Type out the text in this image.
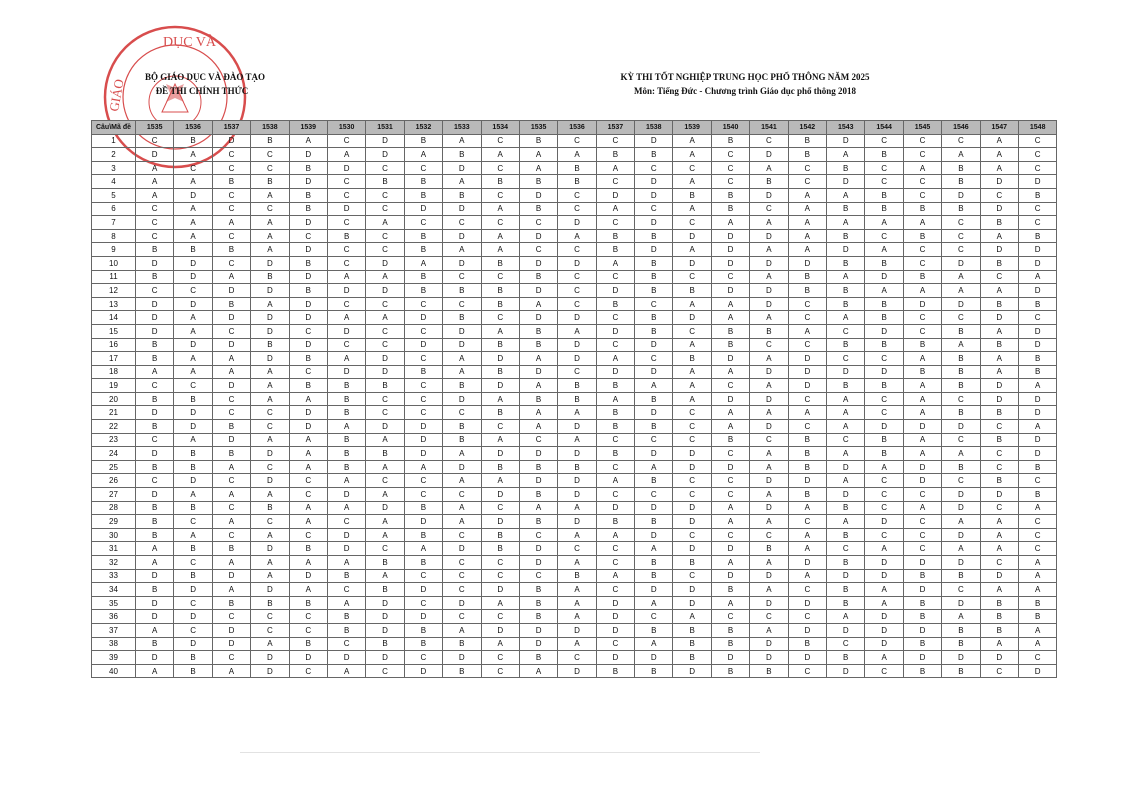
DỤC VÀ
GIÁO
BỘ GIÁO DỤC VÀ ĐÀO TẠO
ĐỀ THI CHÍNH THỨC
KỲ THI TỐT NGHIỆP TRUNG HỌC PHỔ THÔNG NĂM 2025
Môn: Tiếng Đức - Chương trình Giáo dục phổ thông 2018
Câu\Mã đề	1535	1536	1537	1538	1539	1530	1531	1532	1533	1534	1535	1536	1537	1538	1539	1540	1541	1542	1543	1544	1545	1546	1547	1548
1	C	B	D	B	A	C	D	B	A	C	B	C	C	D	A	B	C	B	D	C	C	C	A	C
2	D	A	C	C	D	A	D	A	B	A	A	A	B	B	A	C	D	B	A	B	C	A	A	C
3	A	C	C	C	B	D	C	C	D	C	A	B	A	C	C	C	A	C	B	C	A	B	A	C
4	A	A	B	B	D	C	B	B	A	B	B	B	C	D	A	C	B	C	D	C	C	B	D	D
5	A	D	C	A	B	C	C	B	B	C	D	C	D	D	B	B	D	A	A	B	C	D	C	B
6	C	A	C	C	B	D	C	D	D	A	B	C	A	C	A	B	C	A	B	B	B	B	D	C
7	C	A	A	A	D	C	A	C	C	C	C	D	C	D	C	A	A	A	A	A	A	C	B	C
8	C	A	C	A	C	B	C	B	D	A	D	A	B	B	D	D	D	A	B	C	B	C	A	B
9	B	B	B	A	D	C	C	B	A	A	C	C	B	D	A	D	A	A	D	A	C	C	D	D
10	D	D	C	D	B	C	D	A	D	B	D	D	A	B	D	D	D	D	B	B	C	D	B	D
11	B	D	A	B	D	A	A	B	C	C	B	C	C	B	C	C	A	B	A	D	B	A	C	A
12	C	C	D	D	B	D	D	B	B	B	D	C	D	B	B	D	D	B	B	A	A	A	A	D
13	D	D	B	A	D	C	C	C	C	B	A	C	B	C	A	A	D	C	B	B	D	D	B	B
14	D	A	D	D	D	A	A	D	B	C	D	D	C	B	D	A	A	C	A	B	C	C	D	C
15	D	A	C	D	C	D	C	C	D	A	B	A	D	B	C	B	B	A	C	D	C	B	A	D
16	B	D	D	B	D	C	C	D	D	B	B	D	C	D	A	B	C	C	B	B	B	A	B	D
17	B	A	A	D	B	A	D	C	A	D	A	D	A	C	B	D	A	D	C	C	A	B	A	B
18	A	A	A	A	C	D	D	B	A	B	D	C	D	D	A	A	D	D	D	D	B	B	A	B
19	C	C	D	A	B	B	B	C	B	D	A	B	B	A	A	C	A	D	B	B	A	B	D	A
20	B	B	C	A	A	B	C	C	D	A	B	B	A	B	A	D	D	C	A	C	A	C	D	D
21	D	D	C	C	D	B	C	C	C	B	A	A	B	D	C	A	A	A	A	C	A	B	B	D
22	B	D	B	C	D	A	D	D	B	C	A	D	B	B	C	A	D	C	A	D	D	D	C	A
23	C	A	D	A	A	B	A	D	B	A	C	A	C	C	C	B	C	B	C	B	A	C	B	D
24	D	B	B	D	A	B	B	D	A	D	D	D	B	D	D	C	A	B	A	B	A	A	C	D
25	B	B	A	C	A	B	A	A	D	B	B	B	C	A	D	D	A	B	D	A	D	B	C	B
26	C	D	C	D	C	A	C	C	A	A	D	D	A	B	C	C	D	D	A	C	D	C	B	C
27	D	A	A	A	C	D	A	C	C	D	B	D	C	C	C	C	A	B	D	C	C	D	D	B
28	B	B	C	B	A	A	D	B	A	C	A	A	D	D	D	A	D	A	B	C	A	D	C	A
29	B	C	A	C	A	C	A	D	A	D	B	D	B	B	D	A	A	C	A	D	C	A	A	C
30	B	A	C	A	C	D	A	B	C	B	C	A	A	D	C	C	C	A	B	C	C	D	A	C
31	A	B	B	D	B	D	C	A	D	B	D	C	C	A	D	D	B	A	C	A	C	A	A	C
32	A	C	A	A	A	A	B	B	C	C	D	A	C	B	B	A	A	D	B	D	D	D	C	A
33	D	B	D	A	D	B	A	C	C	C	C	B	A	B	C	D	D	A	D	D	B	B	D	A
34	B	D	A	D	A	C	B	D	C	D	B	A	C	D	D	B	A	C	B	A	D	C	A	A
35	D	C	B	B	B	A	D	C	D	A	B	A	D	A	D	A	D	D	B	A	B	D	B	B
36	D	D	C	C	C	B	D	D	C	C	B	A	D	C	A	C	C	C	A	D	B	A	B	B
37	A	C	D	C	C	B	D	B	A	D	D	D	D	B	B	B	A	D	D	D	D	B	B	A
38	B	D	D	A	B	C	B	B	B	A	D	A	C	A	B	B	D	B	C	D	B	B	A	A
39	D	B	C	D	D	D	D	C	D	C	B	C	D	D	B	D	D	D	B	A	D	D	D	C
40	A	B	A	D	C	A	C	D	B	C	A	D	B	B	D	B	B	C	D	C	B	B	C	D
